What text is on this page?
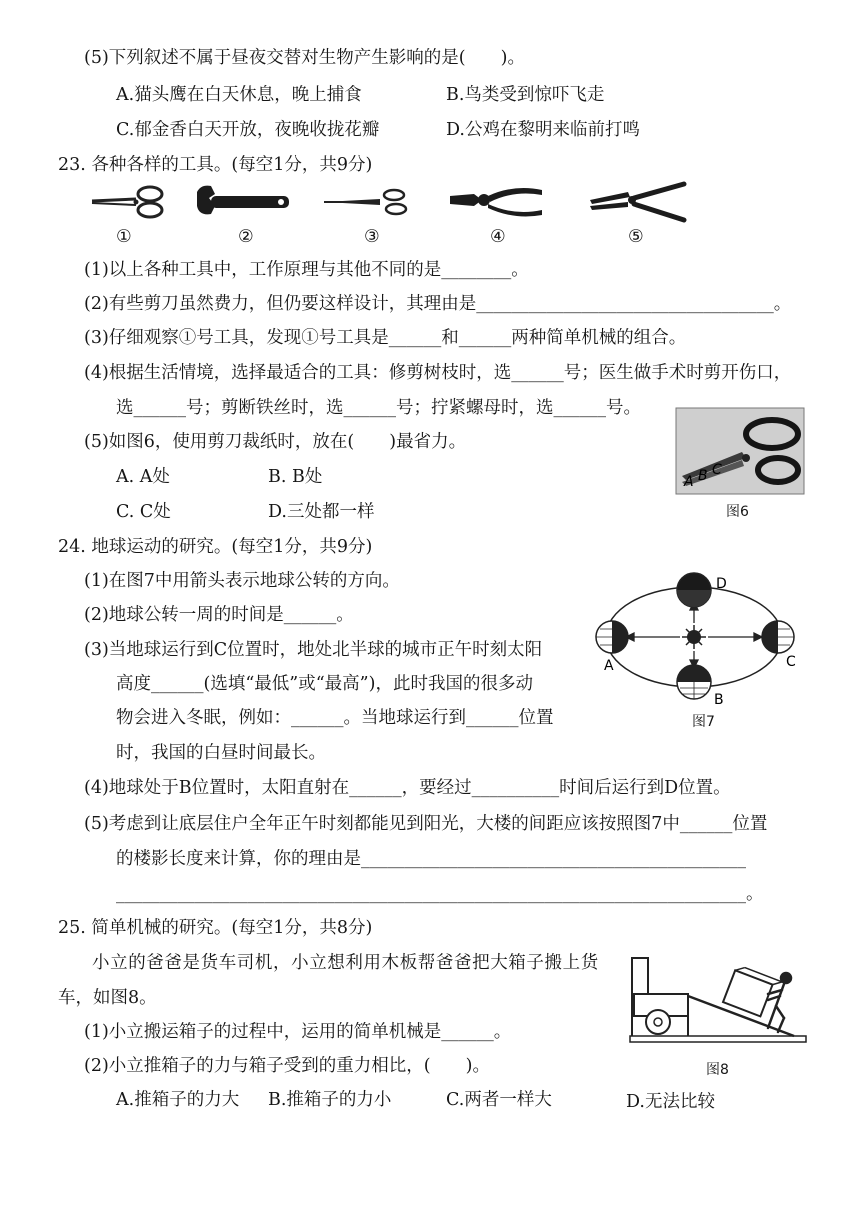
(5)下列叙述不属于昼夜交替对生物产生影响的是(　　)。
A.猫头鹰在白天休息，晚上捕食	B.鸟类受到惊吓飞走
C.郁金香白天开放，夜晚收拢花瓣	D.公鸡在黎明来临前打鸣
23. 各种各样的工具。(每空1分，共9分)
①	②	③	④	⑤
(1)以上各种工具中，工作原理与其他不同的是________。
(2)有些剪刀虽然费力，但仍要这样设计，其理由是__________________________________。
(3)仔细观察①号工具，发现①号工具是______和______两种简单机械的组合。
(4)根据生活情境，选择最适合的工具：修剪树枝时，选______号；医生做手术时剪开伤口，
选______号；剪断铁丝时，选______号；拧紧螺母时，选______号。
(5)如图6，使用剪刀裁纸时，放在(　　)最省力。
A. A处	B. B处
C. C处	D.三处都一样
A B C
图6
24. 地球运动的研究。(每空1分，共9分)
(1)在图7中用箭头表示地球公转的方向。
(2)地球公转一周的时间是______。
(3)当地球运行到C位置时，地处北半球的城市正午时刻太阳
高度______(选填“最低”或“最高”)，此时我国的很多动
物会进入冬眠，例如：______。当地球运行到______位置
时，我国的白昼时间最长。
(4)地球处于B位置时，太阳直射在______，要经过__________时间后运行到D位置。
(5)考虑到让底层住户全年正午时刻都能见到阳光，大楼的间距应该按照图7中______位置
的楼影长度来计算，你的理由是____________________________________________
________________________________________________________________________。
A
B
C
D
图7
25. 简单机械的研究。(每空1分，共8分)
小立的爸爸是货车司机，小立想利用木板帮爸爸把大箱子搬上货
车，如图8。
(1)小立搬运箱子的过程中，运用的简单机械是______。
(2)小立推箱子的力与箱子受到的重力相比，(　　)。
A.推箱子的力大 B.推箱子的力小	C.两者一样大	D.无法比较
图8
